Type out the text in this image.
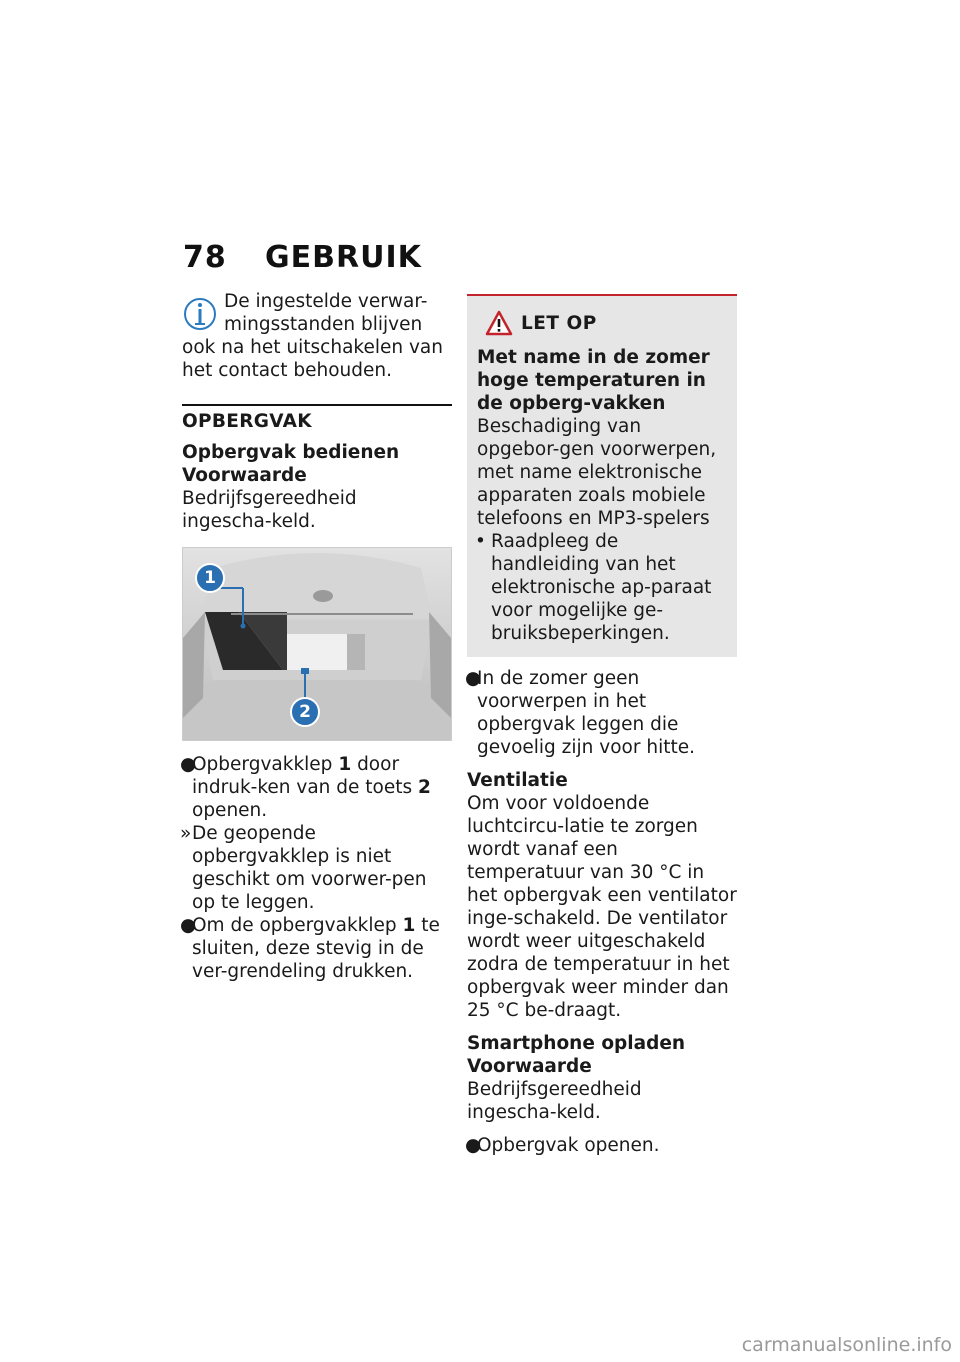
78 GEBRUIK

De ingestelde verwar-mingsstanden blijven ook na het uitschakelen van het contact behouden.

OPBERGVAK

Opbergvak bedienen

Voorwaarde

Bedrijfsgereedheid ingescha-keld.

1
2
●
Opbergvakklep 1 door indruk-ken van de toets 2 openen.
» De geopende opbergvakklep is niet geschikt om voorwer-pen op te leggen.
●
Om de opbergvakklep 1 te sluiten, deze stevig in de ver-grendeling drukken.
LET OP

Met name in de zomer hoge temperaturen in de opberg-vakken

Beschadiging van opgebor-gen voorwerpen, met name elektronische apparaten zoals mobiele telefoons en MP3-spelers

• Raadpleeg de handleiding van het elektronische ap-paraat voor mogelijke ge-bruiksbeperkingen.
●
In de zomer geen voorwerpen in het opbergvak leggen die gevoelig zijn voor hitte.

Ventilatie

Om voor voldoende luchtcircu-latie te zorgen wordt vanaf een temperatuur van 30 °C in het opbergvak een ventilator inge-schakeld. De ventilator wordt weer uitgeschakeld zodra de temperatuur in het opbergvak weer minder dan 25 °C be-draagt.

Smartphone opladen

Voorwaarde

Bedrijfsgereedheid ingescha-keld.

●
Opbergvak openen.
carmanualsonline.info
